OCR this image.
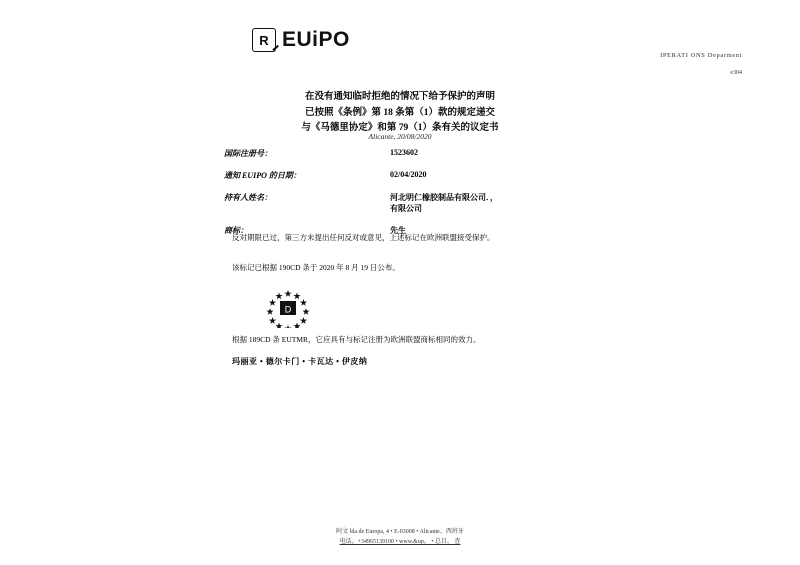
R EUiPO
IPERATI ONS Deparment
e304
在没有通知临时拒绝的情况下给予保护的声明
已按照《条例》第 18 条第（1）款的规定递交
与《马德里协定》和第 79（1）条有关的议定书
Alicante, 20/08/2020
国际注册号：	1523602
通知 EUIPO 的日期：	02/04/2020
持有人姓名：	河北明仁橡胶制品有限公司．，
有限公司
商标：	先生
反对期限已过，第三方未提出任何反对或意见，上述标记在欧洲联盟接受保护。
该标记已根据 190CD 条于 2020 年 8 月 19 日公布。
D
根据 189CD 条 EUTMR，它应具有与标记注册为欧洲联盟商标相同的效力。
玛丽亚 • 德尔卡门 • 卡瓦达 • 伊皮纳
阿文 lda de Europa, 4 • E-03008 • Alicante、西班牙
电话。+34965139100 • www.&up。 • 总目。 查
